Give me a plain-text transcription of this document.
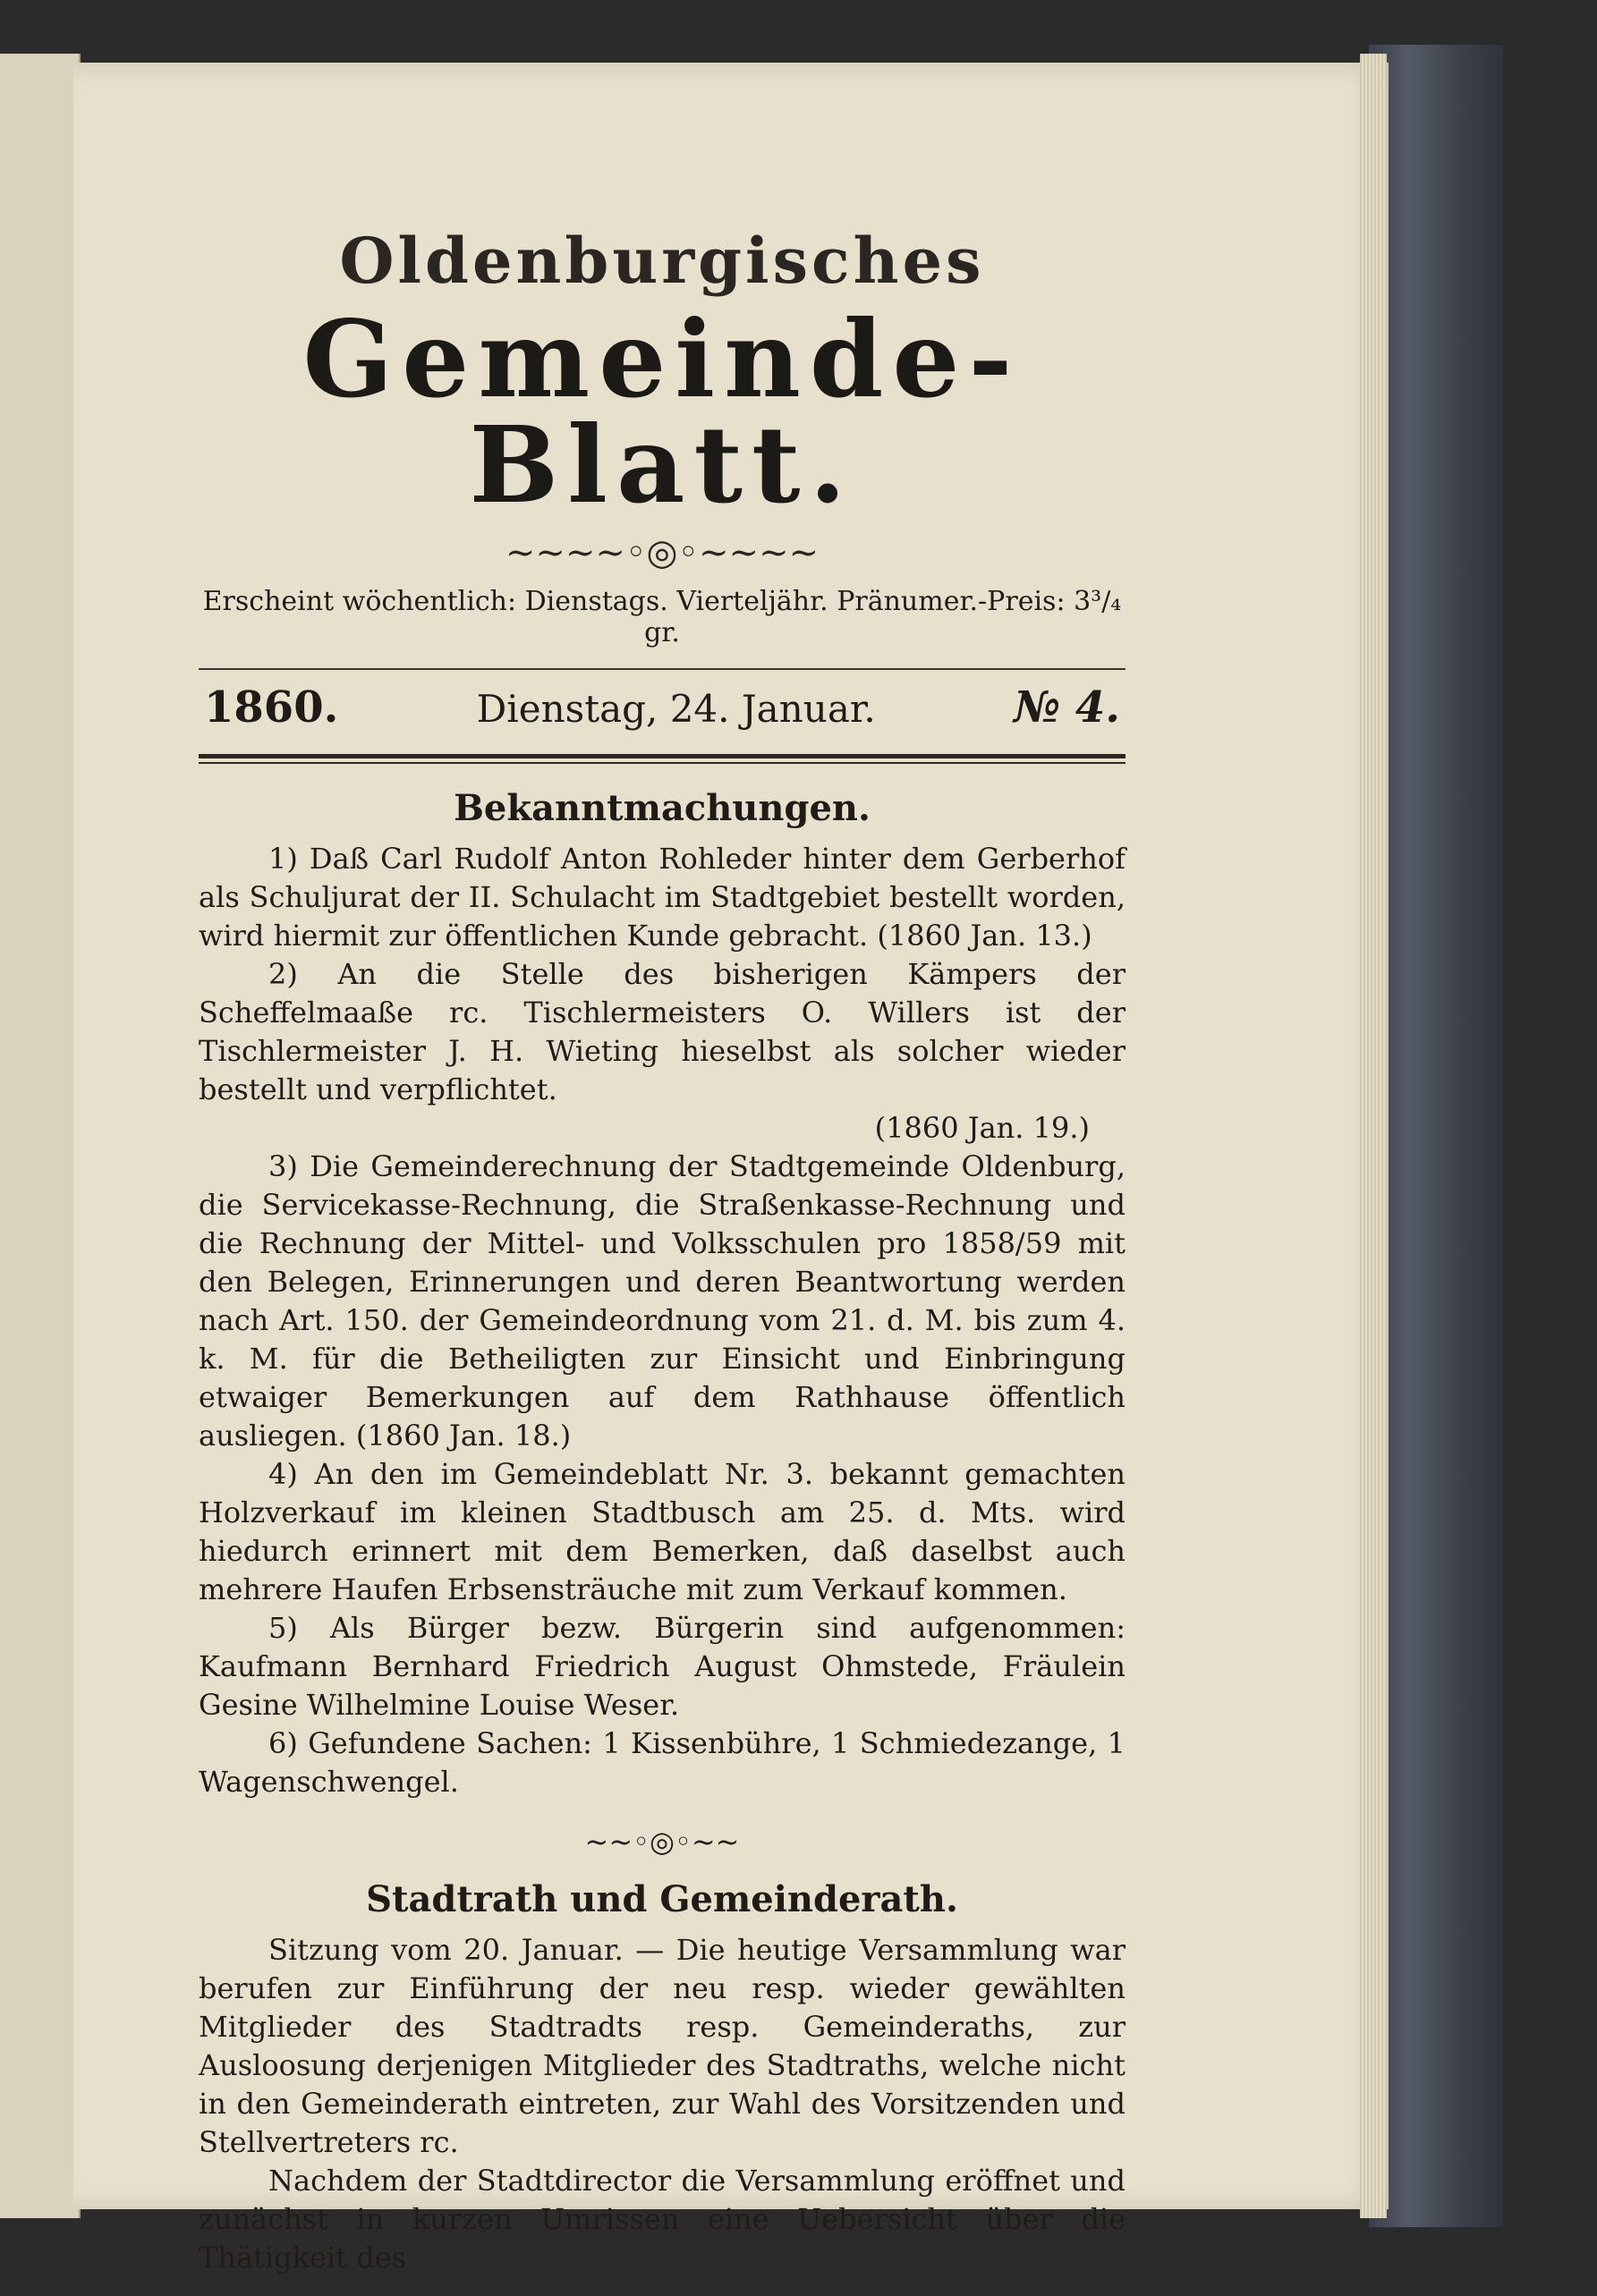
Oldenburgisches
Gemeinde-Blatt.
~~~~◦◎◦~~~~
Erscheint wöchentlich: Dienstags. Vierteljähr. Pränumer.-Preis: 3³/₄ gr.
1860.	Dienstag, 24. Januar.	№ 4.
Bekanntmachungen.

1) Daß Carl Rudolf Anton Rohleder hinter dem Gerberhof als Schuljurat der II. Schulacht im Stadtgebiet bestellt worden, wird hiermit zur öffentlichen Kunde gebracht. (1860 Jan. 13.)

2) An die Stelle des bisherigen Kämpers der Scheffelmaaße rc. Tischlermeisters O. Willers ist der Tischlermeister J. H. Wieting hieselbst als solcher wieder bestellt und verpflichtet.

(1860 Jan. 19.)

3) Die Gemeinderechnung der Stadtgemeinde Oldenburg, die Servicekasse-Rechnung, die Straßenkasse-Rechnung und die Rechnung der Mittel- und Volksschulen pro 1858/59 mit den Belegen, Erinnerungen und deren Beantwortung werden nach Art. 150. der Gemeindeordnung vom 21. d. M. bis zum 4. k. M. für die Betheiligten zur Einsicht und Einbringung etwaiger Bemerkungen auf dem Rathhause öffentlich ausliegen. (1860 Jan. 18.)

4) An den im Gemeindeblatt Nr. 3. bekannt gemachten Holzverkauf im kleinen Stadtbusch am 25. d. Mts. wird hiedurch erinnert mit dem Bemerken, daß daselbst auch mehrere Haufen Erbsensträuche mit zum Verkauf kommen.

5) Als Bürger bezw. Bürgerin sind aufgenommen: Kaufmann Bernhard Friedrich August Ohmstede, Fräulein Gesine Wilhelmine Louise Weser.

6) Gefundene Sachen: 1 Kissenbühre, 1 Schmiedezange, 1 Wagenschwengel.

~~◦◎◦~~
Stadtrath und Gemeinderath.

Sitzung vom 20. Januar. — Die heutige Versammlung war berufen zur Einführung der neu resp. wieder gewählten Mitglieder des Stadtradts resp. Gemeinderaths, zur Ausloosung derjenigen Mitglieder des Stadtraths, welche nicht in den Gemeinderath eintreten, zur Wahl des Vorsitzenden und Stellvertreters rc.

Nachdem der Stadtdirector die Versammlung eröffnet und zunächst in kurzen Umrissen eine Uebersicht über die Thätigkeit des
